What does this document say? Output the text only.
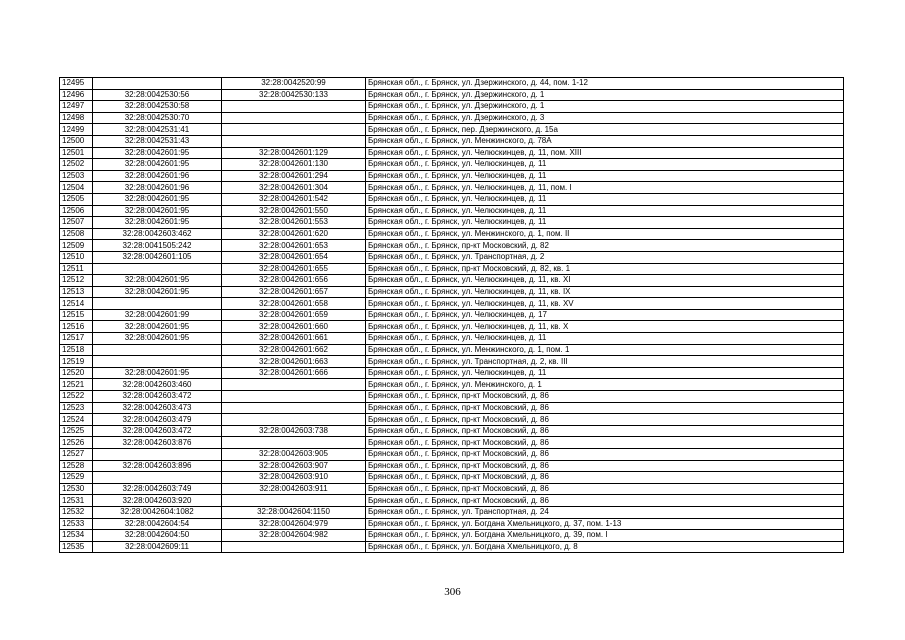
12495		32:28:0042520:99	Брянская обл., г. Брянск, ул. Дзержинского, д. 44, пом. 1-12
12496	32:28:0042530:56	32:28:0042530:133	Брянская обл., г. Брянск, ул. Дзержинского, д. 1
12497	32:28:0042530:58		Брянская обл., г. Брянск, ул. Дзержинского, д. 1
12498	32:28:0042530:70		Брянская обл., г. Брянск, ул. Дзержинского, д. 3
12499	32:28:0042531:41		Брянская обл., г. Брянск, пер. Дзержинского, д. 15а
12500	32:28:0042531:43		Брянская обл., г. Брянск, ул. Менжинского, д. 78А
12501	32:28:0042601:95	32:28:0042601:129	Брянская обл., г. Брянск, ул. Челюскинцев, д. 11, пом. XIII
12502	32:28:0042601:95	32:28:0042601:130	Брянская обл., г. Брянск, ул. Челюскинцев, д. 11
12503	32:28:0042601:96	32:28:0042601:294	Брянская обл., г. Брянск, ул. Челюскинцев, д. 11
12504	32:28:0042601:96	32:28:0042601:304	Брянская обл., г. Брянск, ул. Челюскинцев, д. 11, пом. I
12505	32:28:0042601:95	32:28:0042601:542	Брянская обл., г. Брянск, ул. Челюскинцев, д. 11
12506	32:28:0042601:95	32:28:0042601:550	Брянская обл., г. Брянск, ул. Челюскинцев, д. 11
12507	32:28:0042601:95	32:28:0042601:553	Брянская обл., г. Брянск, ул. Челюскинцев, д. 11
12508	32:28:0042603:462	32:28:0042601:620	Брянская обл., г. Брянск, ул. Менжинского, д. 1, пом. II
12509	32:28:0041505:242	32:28:0042601:653	Брянская обл., г. Брянск, пр-кт Московский, д. 82
12510	32:28:0042601:105	32:28:0042601:654	Брянская обл., г. Брянск, ул. Транспортная, д. 2
12511		32:28:0042601:655	Брянская обл., г. Брянск, пр-кт Московский, д. 82, кв. 1
12512	32:28:0042601:95	32:28:0042601:656	Брянская обл., г. Брянск, ул. Челюскинцев, д. 11, кв. XI
12513	32:28:0042601:95	32:28:0042601:657	Брянская обл., г. Брянск, ул. Челюскинцев, д. 11, кв. IX
12514		32:28:0042601:658	Брянская обл., г. Брянск, ул. Челюскинцев, д. 11, кв. XV
12515	32:28:0042601:99	32:28:0042601:659	Брянская обл., г. Брянск, ул. Челюскинцев, д. 17
12516	32:28:0042601:95	32:28:0042601:660	Брянская обл., г. Брянск, ул. Челюскинцев, д. 11, кв. X
12517	32:28:0042601:95	32:28:0042601:661	Брянская обл., г. Брянск, ул. Челюскинцев, д. 11
12518		32:28:0042601:662	Брянская обл., г. Брянск, ул. Менжинского, д. 1, пом. 1
12519		32:28:0042601:663	Брянская обл., г. Брянск, ул. Транспортная, д. 2, кв. III
12520	32:28:0042601:95	32:28:0042601:666	Брянская обл., г. Брянск, ул. Челюскинцев, д. 11
12521	32:28:0042603:460		Брянская обл., г. Брянск, ул. Менжинского, д. 1
12522	32:28:0042603:472		Брянская обл., г. Брянск, пр-кт Московский, д. 86
12523	32:28:0042603:473		Брянская обл., г. Брянск, пр-кт Московский, д. 86
12524	32:28:0042603:479		Брянская обл., г. Брянск, пр-кт Московский, д. 86
12525	32:28:0042603:472	32:28:0042603:738	Брянская обл., г. Брянск, пр-кт Московский, д. 86
12526	32:28:0042603:876		Брянская обл., г. Брянск, пр-кт Московский, д. 86
12527		32:28:0042603:905	Брянская обл., г. Брянск, пр-кт Московский, д. 86
12528	32:28:0042603:896	32:28:0042603:907	Брянская обл., г. Брянск, пр-кт Московский, д. 86
12529		32:28:0042603:910	Брянская обл., г. Брянск, пр-кт Московский, д. 86
12530	32:28:0042603:749	32:28:0042603:911	Брянская обл., г. Брянск, пр-кт Московский, д. 86
12531	32:28:0042603:920		Брянская обл., г. Брянск, пр-кт Московский, д. 86
12532	32:28:0042604:1082	32:28:0042604:1150	Брянская обл., г. Брянск, ул. Транспортная, д. 24
12533	32:28:0042604:54	32:28:0042604:979	Брянская обл., г. Брянск, ул. Богдана Хмельницкого, д. 37, пом. 1-13
12534	32:28:0042604:50	32:28:0042604:982	Брянская обл., г. Брянск, ул. Богдана Хмельницкого, д. 39, пом. I
12535	32:28:0042609:11		Брянская обл., г. Брянск, ул. Богдана Хмельницкого, д. 8
306
